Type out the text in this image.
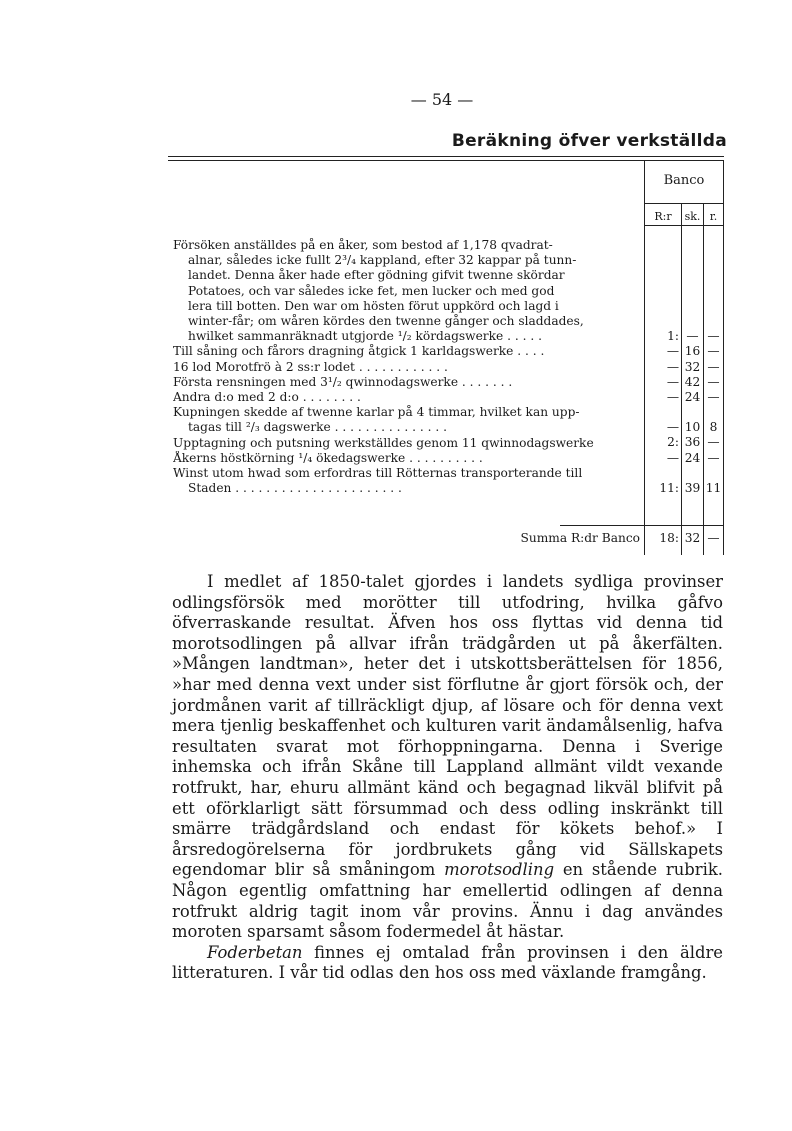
— 54 —
Beräkning öfver verkställda
Banco
R:r	sk. r.
Försöken anställdes på en åker, som bestod af 1,178 qvadrat-
alnar, således icke fullt 2³/₄ kappland, efter 32 kappar på tunn-
landet. Denna åker hade efter gödning gifvit twenne skördar
Potatoes, och var således icke fet, men lucker och med god
lera till botten. Den war om hösten förut uppkörd och lagd i
winter-får; om wåren kördes den twenne gånger och sladdades,
hwilket sammanräknadt utgjorde ¹/₂ kördagswerke . . . . .
Till såning och fårors dragning åtgick 1 karldagswerke . . . .
16 lod Morotfrö à 2 ss:r lodet . . . . . . . . . . . .
Första rensningen med 3¹/₂ qwinnodagswerke . . . . . . .
Andra d:o med 2 d:o . . . . . . . .
Kupningen skedde af twenne karlar på 4 timmar, hvilket kan upp-
tagas till ²/₃ dagswerke . . . . . . . . . . . . . . .
Upptagning och putsning werkställdes genom 11 qwinnodagswerke
Åkerns höstkörning ¹/₄ ökedagswerke . . . . . . . . . .
Winst utom hwad som erfordras till Rötternas transporterande till
Staden . . . . . . . . . . . . . . . . . . . . . .
1:
—
—
—
—
—
2:
—
11:
—
16
32
42
24
10
36
24
39
—
—
—
—
—
8
—
—
11
Summa R:dr Banco	18: 32 —

I medlet af 1850-talet gjordes i landets sydliga provinser odlingsförsök med morötter till utfodring, hvilka gåfvo öfverraskande resultat. Äfven hos oss flyttas vid denna tid morotsodlingen på allvar ifrån trädgården ut på åkerfälten. »Mången landtman», heter det i utskottsberättelsen för 1856, »har med denna vext under sist förflutne år gjort försök och, der jordmånen varit af tillräckligt djup, af lösare och för denna vext mera tjenlig beskaffenhet och kulturen varit ändamålsenlig, hafva resultaten svarat mot förhoppningarna. Denna i Sverige inhemska och ifrån Skåne till Lappland allmänt vildt vexande rotfrukt, har, ehuru allmänt känd och begagnad likväl blifvit på ett oförklarligt sätt försummad och dess odling inskränkt till smärre trädgårdsland och endast för kökets behof.» I årsredogörelserna för jordbrukets gång vid Sällskapets egendomar blir så småningom morotsodling en stående rubrik. Någon egentlig omfattning har emellertid odlingen af denna rotfrukt aldrig tagit inom vår provins. Ännu i dag användes moroten sparsamt såsom fodermedel åt hästar.

Foderbetan finnes ej omtalad från provinsen i den äldre litteraturen. I vår tid odlas den hos oss med växlande framgång.
